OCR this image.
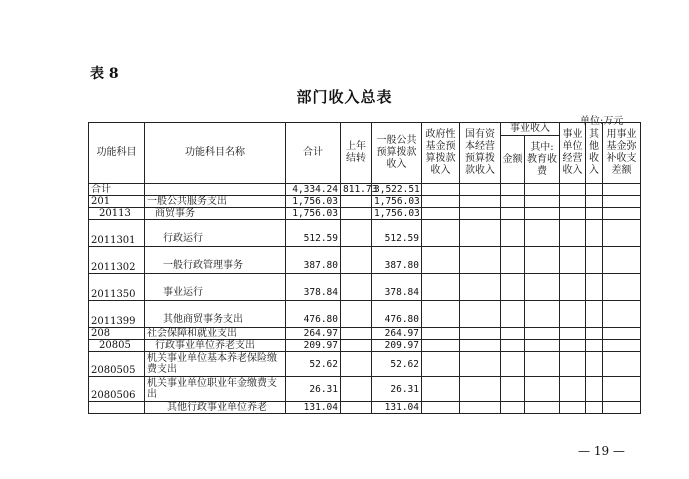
表 8
部门收入总表
单位:万元
功能科目	功能科目名称	合计	上年结转	一般公共预算拨款收入	政府性基金预算拨款收入	国有资本经营预算拨款收入	事业收入		事业单位经营收入	其他收入	用事业基金弥补收支差额
							金额	其中:教育收费			
合计		4,334.24	811.73	3,522.51							
201	一般公共服务支出	1,756.03		1,756.03							
20113	商贸事务	1,756.03		1,756.03							
2011301	行政运行	512.59		512.59							
2011302	一般行政管理事务	387.80		387.80							
2011350	事业运行	378.84		378.84							
2011399	其他商贸事务支出	476.80		476.80							
208	社会保障和就业支出	264.97		264.97							
20805	行政事业单位养老支出	209.97		209.97							
2080505	机关事业单位基本养老保险缴费支出	52.62		52.62							
2080506	机关事业单位职业年金缴费支出	26.31		26.31							
	其他行政事业单位养老	131.04		131.04							
— 19 —
